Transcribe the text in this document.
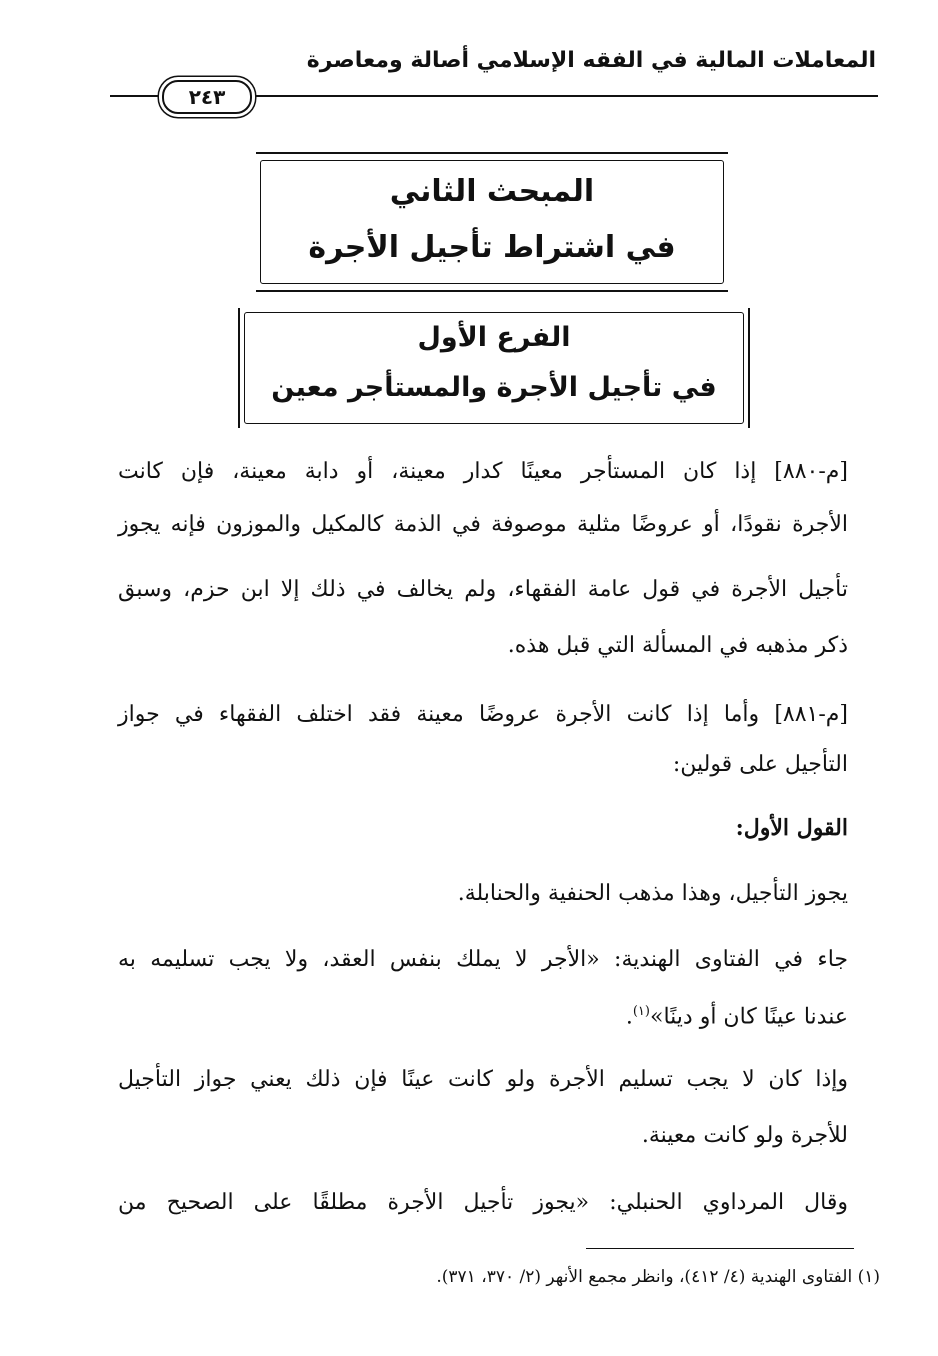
المعاملات المالية في الفقه الإسلامي أصالة ومعاصرة
٢٤٣
المبحث الثاني
في اشتراط تأجيل الأجرة
الفرع الأول
في تأجيل الأجرة والمستأجر معين
[م-٨٨٠] إذا كان المستأجر معينًا كدار معينة، أو دابة معينة، فإن كانت
الأجرة نقودًا، أو عروضًا مثلية موصوفة في الذمة كالمكيل والموزون فإنه يجوز
تأجيل الأجرة في قول عامة الفقهاء، ولم يخالف في ذلك إلا ابن حزم، وسبق
ذكر مذهبه في المسألة التي قبل هذه.
[م-٨٨١] وأما إذا كانت الأجرة عروضًا معينة فقد اختلف الفقهاء في جواز
التأجيل على قولين:
القول الأول:
يجوز التأجيل، وهذا مذهب الحنفية والحنابلة.
جاء في الفتاوى الهندية: «الأجر لا يملك بنفس العقد، ولا يجب تسليمه به
عندنا عينًا كان أو دينًا»$^{(١)}$.
وإذا كان لا يجب تسليم الأجرة ولو كانت عينًا فإن ذلك يعني جواز التأجيل
للأجرة ولو كانت معينة.
وقال المرداوي الحنبلي: «يجوز تأجيل الأجرة مطلقًا على الصحيح من
(١) الفتاوى الهندية (٤/ ٤١٢)، وانظر مجمع الأنهر (٢/ ٣٧٠، ٣٧١).
